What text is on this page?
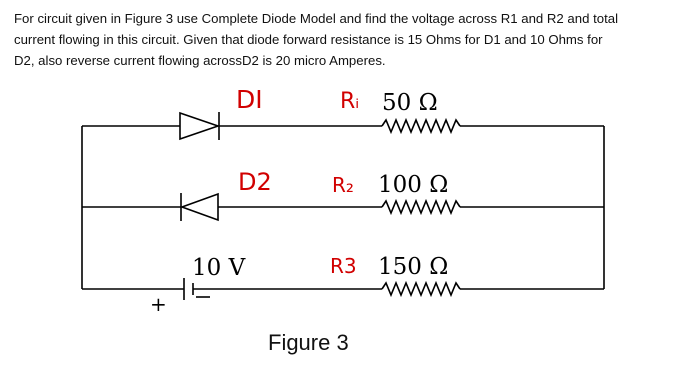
For circuit given in Figure 3 use Complete Diode Model and find the voltage across R1 and R2 and total

current flowing in this circuit. Given that diode forward resistance is 15 Ohms for D1 and 10 Ohms for

D2, also reverse current flowing acrossD2 is 20 micro Amperes.

DI	Rᵢ
D2	R₂
R3
50 Ω
100 Ω
150 Ω
10 V
+
Figure 3
